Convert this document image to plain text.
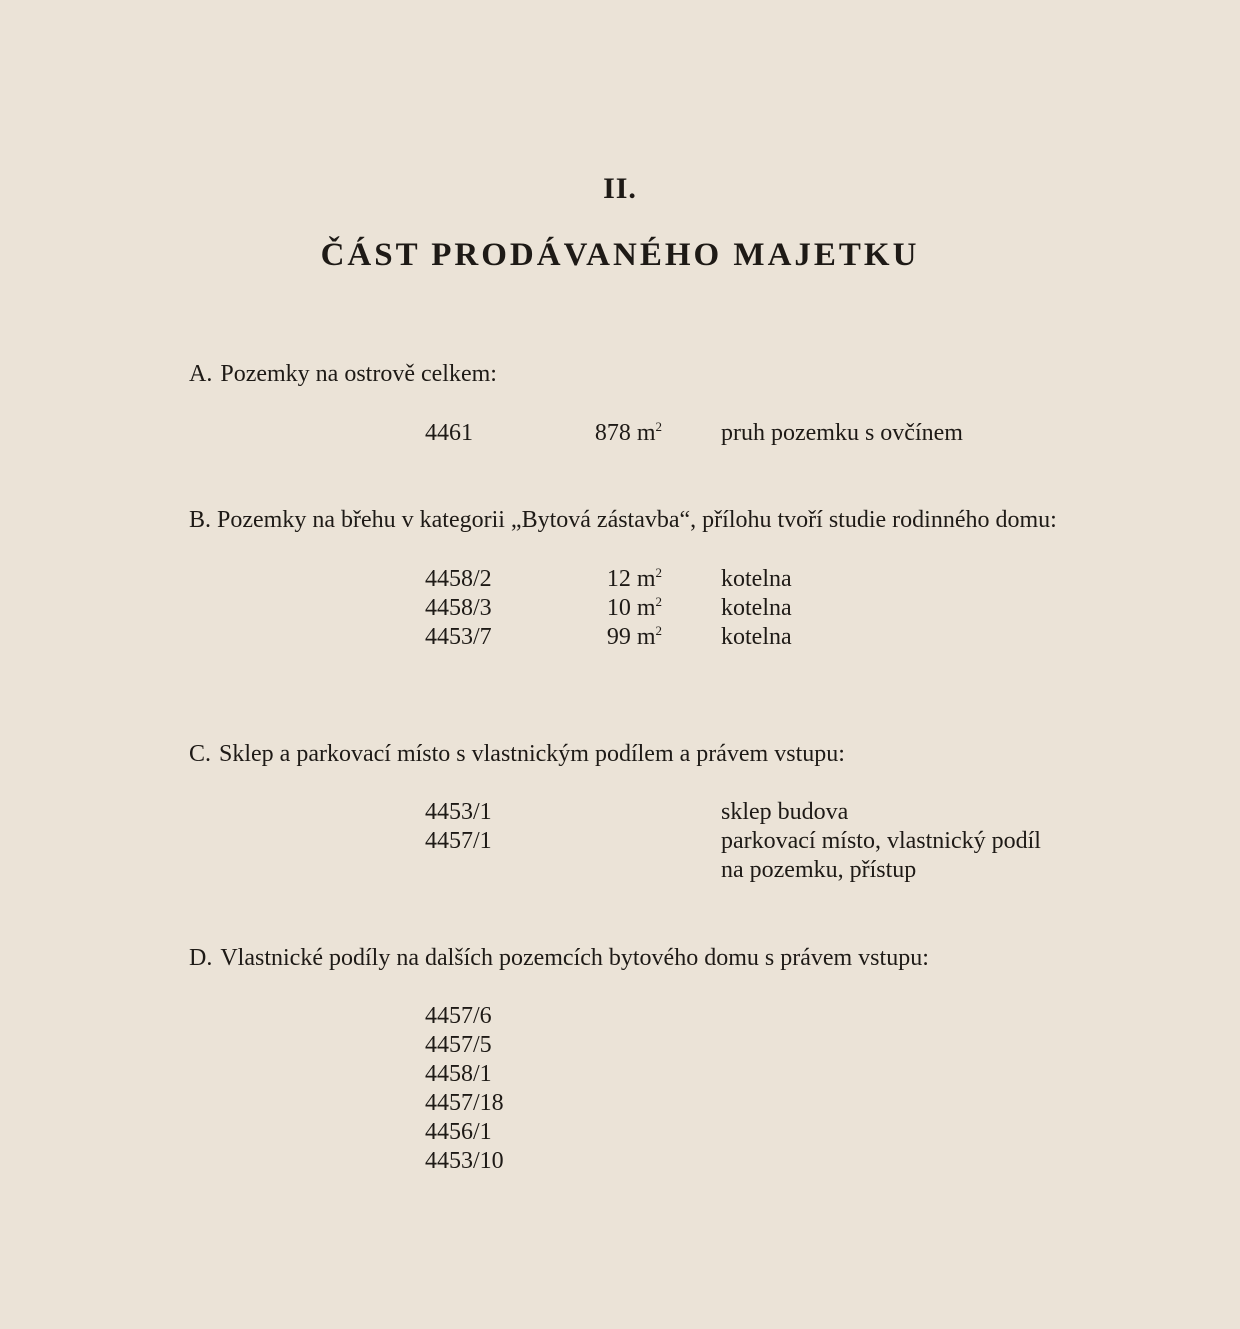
II.
ČÁST PRODÁVANÉHO MAJETKU
A. Pozemky na ostrově celkem:
4461	878 $m^2$ pruh pozemku s ovčínem
B. Pozemky na břehu v kategorii „Bytová zástavba“, přílohu tvoří studie rodinného domu:
4458/2	12 $m^2$ kotelna
4458/3	10 $m^2$ kotelna
4453/7	99 $m^2$ kotelna
C. Sklep a parkovací místo s vlastnickým podílem a právem vstupu:
4453/1	sklep budova
4457/1	parkovací místo, vlastnický podíl
na pozemku, přístup
D. Vlastnické podíly na dalších pozemcích bytového domu s právem vstupu:
4457/6
4457/5
4458/1
4457/18
4456/1
4453/10
